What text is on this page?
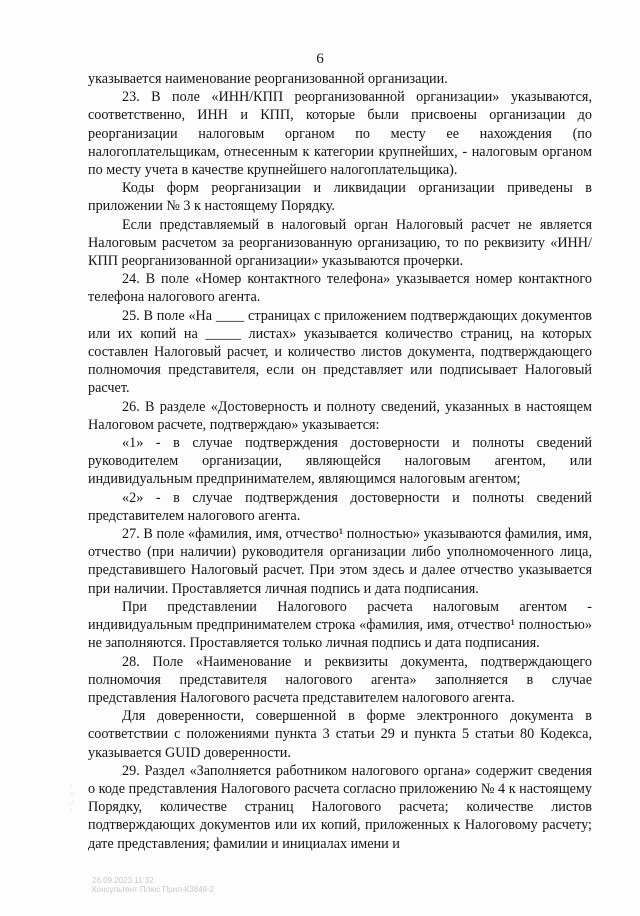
6

указывается наименование реорганизованной организации.

23. В поле «ИНН/КПП реорганизованной организации» указываются, соответственно, ИНН и КПП, которые были присвоены организации до реорганизации налоговым органом по месту ее нахождения (по налогоплательщикам, отнесенным к категории крупнейших, - налоговым органом по месту учета в качестве крупнейшего налогоплательщика).

Коды форм реорганизации и ликвидации организации приведены в приложении № 3 к настоящему Порядку.

Если представляемый в налоговый орган Налоговый расчет не является Налоговым расчетом за реорганизованную организацию, то по реквизиту «ИНН/КПП реорганизованной организации» указываются прочерки.

24. В поле «Номер контактного телефона» указывается номер контактного телефона налогового агента.

25. В поле «На ____ страницах с приложением подтверждающих документов или их копий на _____ листах» указывается количество страниц, на которых составлен Налоговый расчет, и количество листов документа, подтверждающего полномочия представителя, если он представляет или подписывает Налоговый расчет.

26. В разделе «Достоверность и полноту сведений, указанных в настоящем Налоговом расчете, подтверждаю» указывается:

«1» - в случае подтверждения достоверности и полноты сведений руководителем организации, являющейся налоговым агентом, или индивидуальным предпринимателем, являющимся налоговым агентом;

«2» - в случае подтверждения достоверности и полноты сведений представителем налогового агента.

27. В поле «фамилия, имя, отчество¹ полностью» указываются фамилия, имя, отчество (при наличии) руководителя организации либо уполномоченного лица, представившего Налоговый расчет. При этом здесь и далее отчество указывается при наличии. Проставляется личная подпись и дата подписания.

При представлении Налогового расчета налоговым агентом - индивидуальным предпринимателем строка «фамилия, имя, отчество¹ полностью» не заполняются. Проставляется только личная подпись и дата подписания.

28. Поле «Наименование и реквизиты документа, подтверждающего полномочия представителя налогового агента» заполняется в случае представления Налогового расчета представителем налогового агента.

Для доверенности, совершенной в форме электронного документа в соответствии с положениями пункта 3 статьи 29 и пункта 5 статьи 80 Кодекса, указывается GUID доверенности.

29. Раздел «Заполняется работником налогового органа» содержит сведения о коде представления Налогового расчета согласно приложению № 4 к настоящему Порядку, количестве страниц Налогового расчета; количестве листов подтверждающих документов или их копий, приложенных к Налоговому расчету; дате представления; фамилии и инициалах имени и

·
·:
.·
:
26.09.2023 11:32
Консультант Плюс Прил-К3849-2
